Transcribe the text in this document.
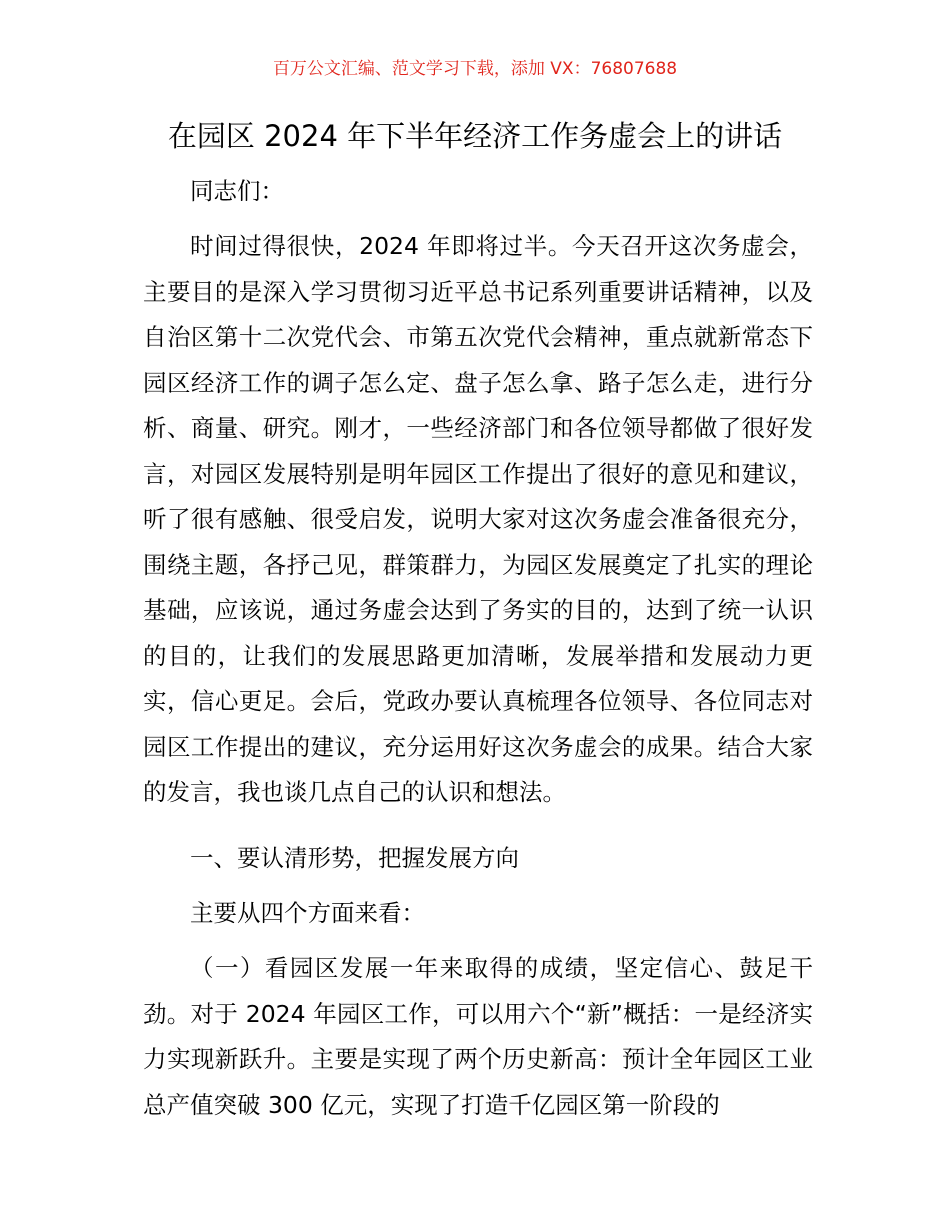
百万公文汇编、范文学习下载，添加 VX：76807688
在园区 2024 年下半年经济工作务虚会上的讲话

同志们：

时间过得很快，2024 年即将过半。今天召开这次务虚会，主要目的是深入学习贯彻习近平总书记系列重要讲话精神，以及自治区第十二次党代会、市第五次党代会精神，重点就新常态下园区经济工作的调子怎么定、盘子怎么拿、路子怎么走，进行分析、商量、研究。刚才，一些经济部门和各位领导都做了很好发言，对园区发展特别是明年园区工作提出了很好的意见和建议，听了很有感触、很受启发，说明大家对这次务虚会准备很充分，围绕主题，各抒己见，群策群力，为园区发展奠定了扎实的理论基础，应该说，通过务虚会达到了务实的目的，达到了统一认识的目的，让我们的发展思路更加清晰，发展举措和发展动力更实，信心更足。会后，党政办要认真梳理各位领导、各位同志对园区工作提出的建议，充分运用好这次务虚会的成果。结合大家的发言，我也谈几点自己的认识和想法。

一、要认清形势，把握发展方向

主要从四个方面来看：

（一）看园区发展一年来取得的成绩，坚定信心、鼓足干劲。对于 2024 年园区工作，可以用六个“新”概括：一是经济实力实现新跃升。主要是实现了两个历史新高：预计全年园区工业总产值突破 300 亿元，实现了打造千亿园区第一阶段的
